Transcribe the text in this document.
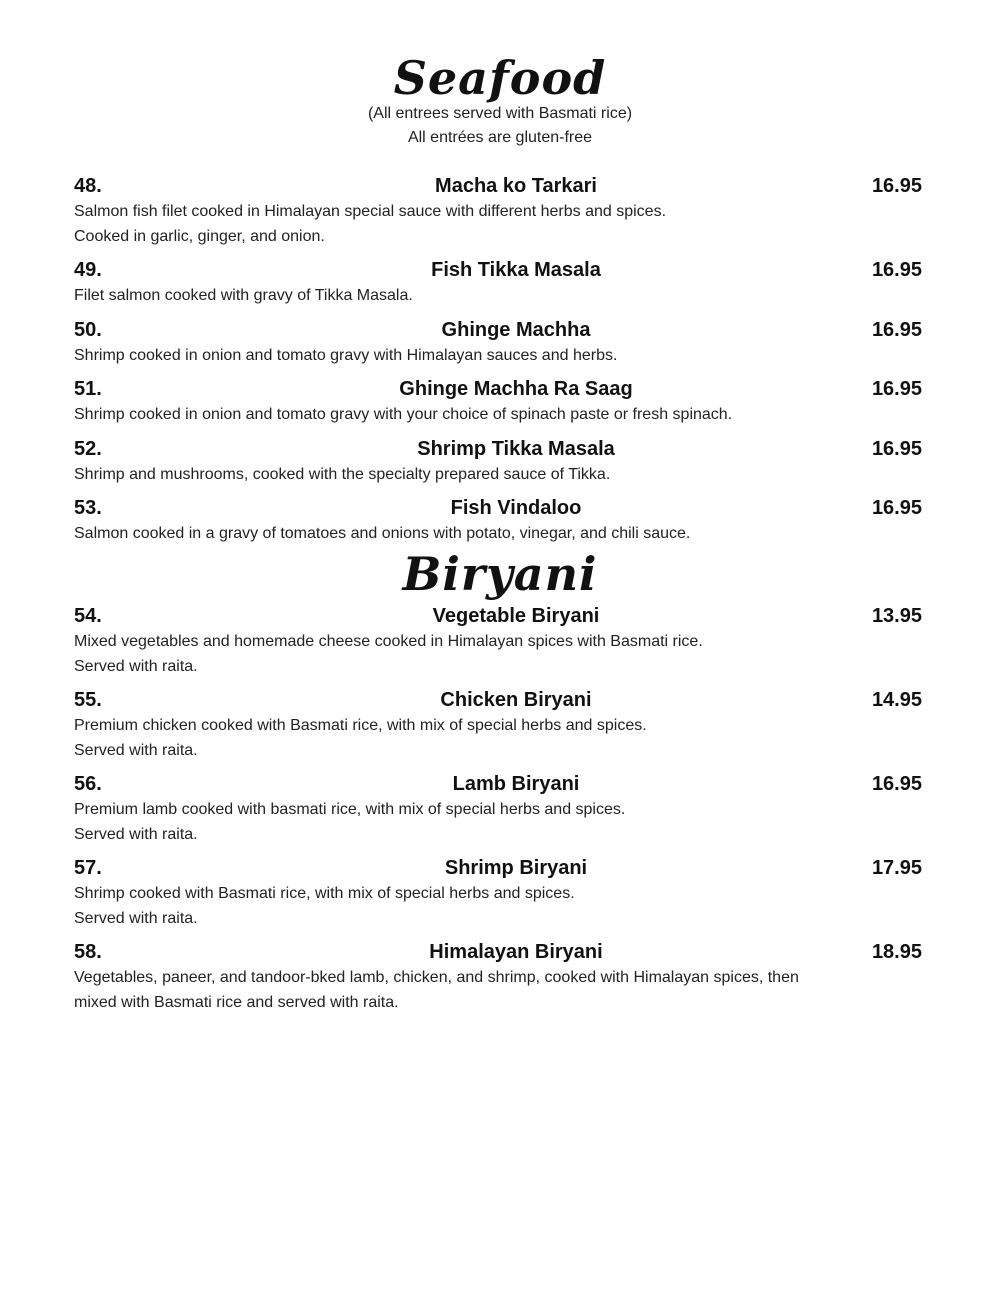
Seafood
(All entrees served with Basmati rice)
All entrées are gluten-free
48.	Macha ko Tarkari	16.95
Salmon fish filet cooked in Himalayan special sauce with different herbs and spices.
Cooked in garlic, ginger, and onion.
49.	Fish Tikka Masala	16.95
Filet salmon cooked with gravy of Tikka Masala.
50.	Ghinge Machha	16.95
Shrimp cooked in onion and tomato gravy with Himalayan sauces and herbs.
51.	Ghinge Machha Ra Saag	16.95
Shrimp cooked in onion and tomato gravy with your choice of spinach paste or fresh spinach.
52.	Shrimp Tikka Masala	16.95
Shrimp and mushrooms, cooked with the specialty prepared sauce of Tikka.
53.	Fish Vindaloo	16.95
Salmon cooked in a gravy of tomatoes and onions with potato, vinegar, and chili sauce.
Biryani
54.	Vegetable Biryani	13.95
Mixed vegetables and homemade cheese cooked in Himalayan spices with Basmati rice.
Served with raita.
55.	Chicken Biryani	14.95
Premium chicken cooked with Basmati rice, with mix of special herbs and spices.
Served with raita.
56.	Lamb Biryani	16.95
Premium lamb cooked with basmati rice, with mix of special herbs and spices.
Served with raita.
57.	Shrimp Biryani	17.95
Shrimp cooked with Basmati rice, with mix of special herbs and spices.
Served with raita.
58.	Himalayan Biryani	18.95
Vegetables, paneer, and tandoor-bked lamb, chicken, and shrimp, cooked with Himalayan spices, then
mixed with Basmati rice and served with raita.
